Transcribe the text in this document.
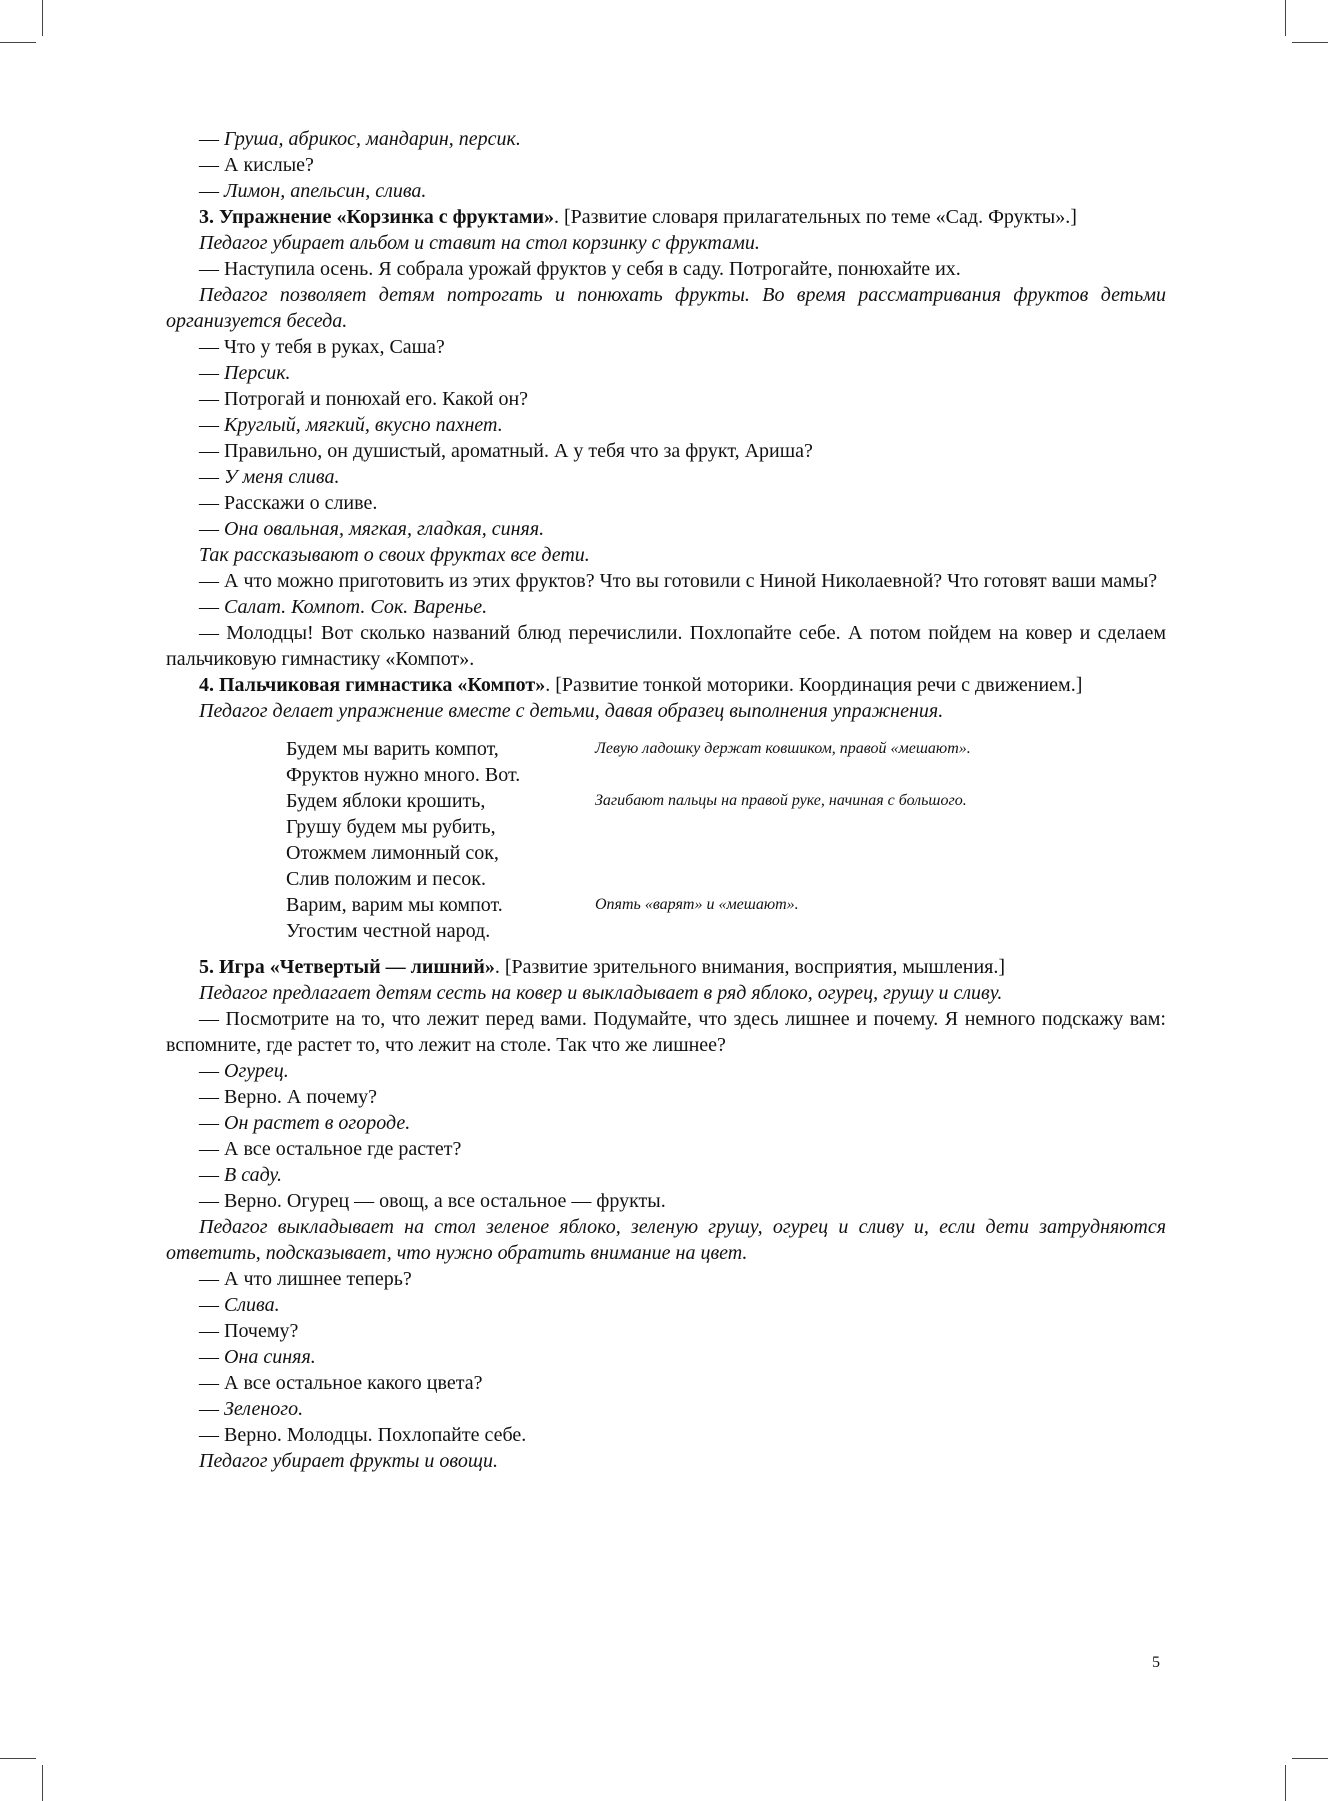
— Груша, абрикос, мандарин, персик.

— А кислые?

— Лимон, апельсин, слива.

3. Упражнение «Корзинка с фруктами». [Развитие словаря прилагательных по теме «Сад. Фрукты».]

Педагог убирает альбом и ставит на стол корзинку с фруктами.

— Наступила осень. Я собрала урожай фруктов у себя в саду. Потрогайте, понюхайте их.

Педагог позволяет детям потрогать и понюхать фрукты. Во время рассматривания фруктов детьми организуется беседа.

— Что у тебя в руках, Саша?

— Персик.

— Потрогай и понюхай его. Какой он?

— Круглый, мягкий, вкусно пахнет.

— Правильно, он душистый, ароматный. А у тебя что за фрукт, Ариша?

— У меня слива.

— Расскажи о сливе.

— Она овальная, мягкая, гладкая, синяя.

Так рассказывают о своих фруктах все дети.

— А что можно приготовить из этих фруктов? Что вы готовили с Ниной Николаевной? Что готовят ваши мамы?

— Салат. Компот. Сок. Варенье.

— Молодцы! Вот сколько названий блюд перечислили. Похлопайте себе. А потом пойдем на ковер и сделаем пальчиковую гимнастику «Компот».

4. Пальчиковая гимнастика «Компот». [Развитие тонкой моторики. Координация речи с движением.]

Педагог делает упражнение вместе с детьми, давая образец выполнения упражнения.

Будем мы варить компот,	Левую ладошку держат ковшиком, правой «мешают».
Фруктов нужно много. Вот.
Будем яблоки крошить,	Загибают пальцы на правой руке, начиная с большого.
Грушу будем мы рубить,
Отожмем лимонный сок,
Слив положим и песок.
Варим, варим мы компот.	Опять «варят» и «мешают».
Угостим честной народ.

5. Игра «Четвертый — лишний». [Развитие зрительного внимания, восприятия, мышления.]

Педагог предлагает детям сесть на ковер и выкладывает в ряд яблоко, огурец, грушу и сливу.

— Посмотрите на то, что лежит перед вами. Подумайте, что здесь лишнее и почему. Я немного подскажу вам: вспомните, где растет то, что лежит на столе. Так что же лишнее?

— Огурец.

— Верно. А почему?

— Он растет в огороде.

— А все остальное где растет?

— В саду.

— Верно. Огурец — овощ, а все остальное — фрукты.

Педагог выкладывает на стол зеленое яблоко, зеленую грушу, огурец и сливу и, если дети затрудняются ответить, подсказывает, что нужно обратить внимание на цвет.

— А что лишнее теперь?

— Слива.

— Почему?

— Она синяя.

— А все остальное какого цвета?

— Зеленого.

— Верно. Молодцы. Похлопайте себе.

Педагог убирает фрукты и овощи.

5
